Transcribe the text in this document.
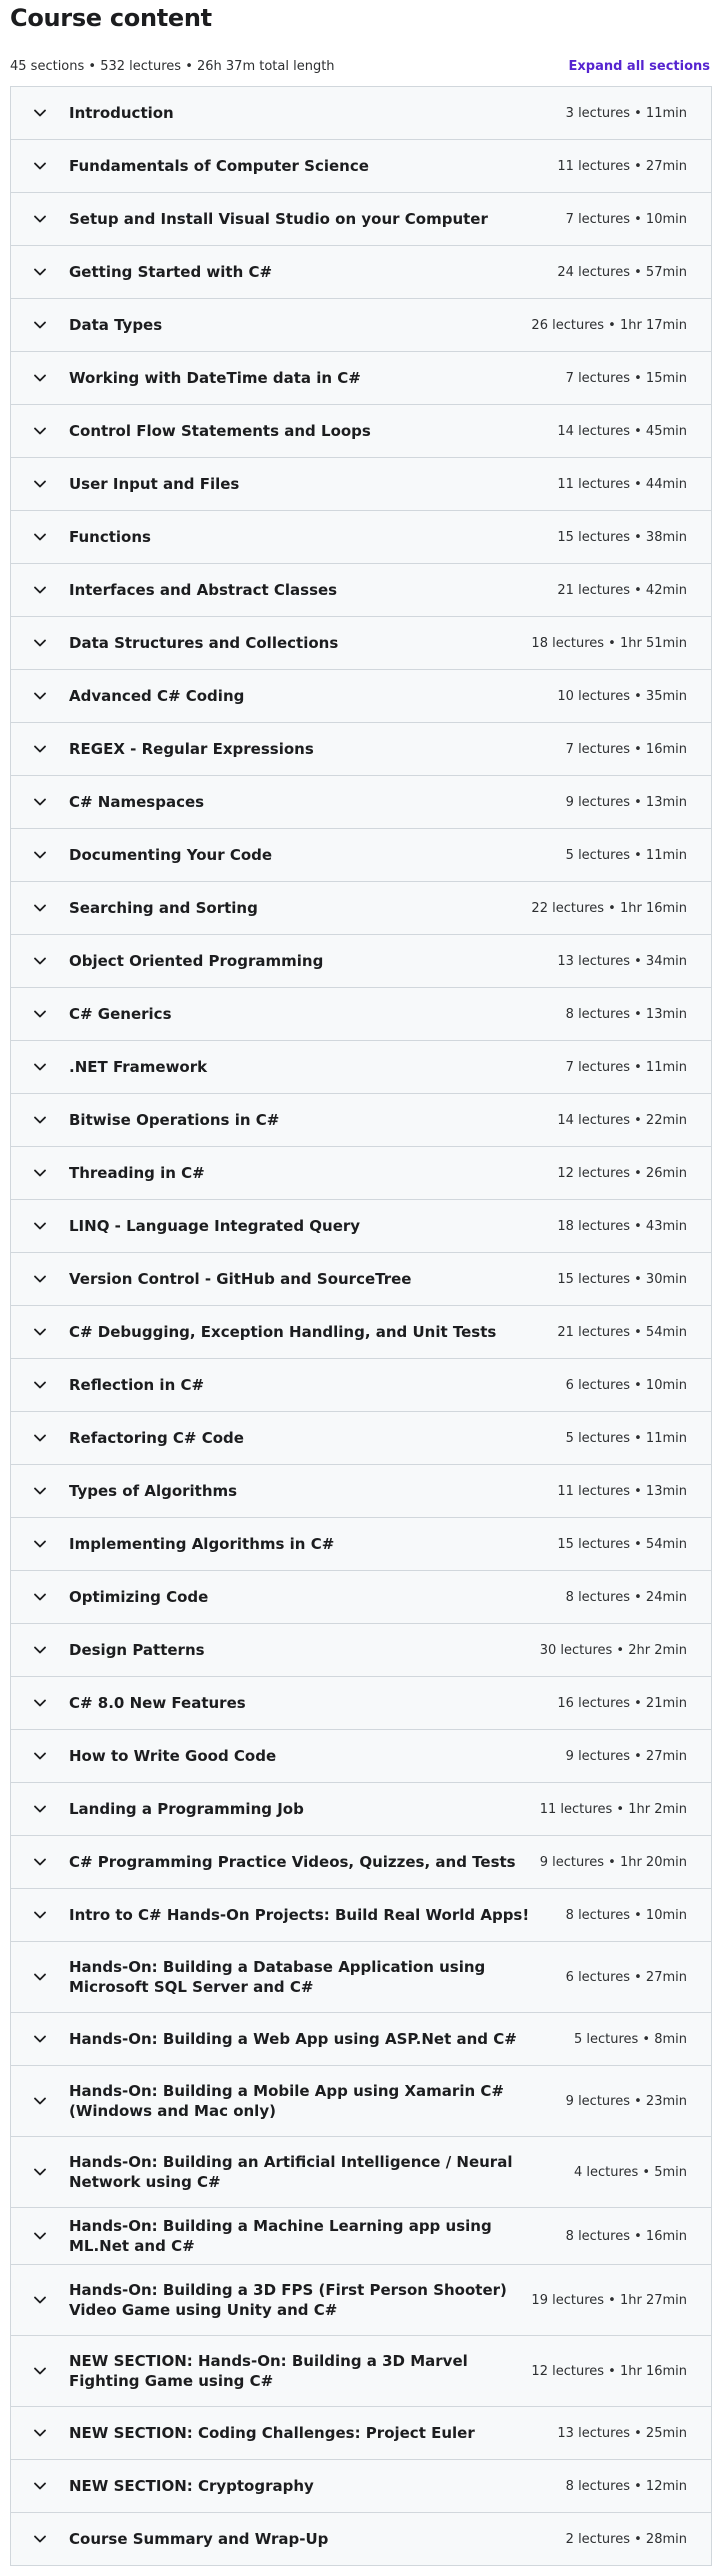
Course content
45 sections • 532 lectures • 26h 37m total length	Expand all sections
Introduction	3 lectures • 11min
Fundamentals of Computer Science	11 lectures • 27min
Setup and Install Visual Studio on your Computer	7 lectures • 10min
Getting Started with C#	24 lectures • 57min
Data Types	26 lectures • 1hr 17min
Working with DateTime data in C#	7 lectures • 15min
Control Flow Statements and Loops	14 lectures • 45min
User Input and Files	11 lectures • 44min
Functions	15 lectures • 38min
Interfaces and Abstract Classes	21 lectures • 42min
Data Structures and Collections	18 lectures • 1hr 51min
Advanced C# Coding	10 lectures • 35min
REGEX - Regular Expressions	7 lectures • 16min
C# Namespaces	9 lectures • 13min
Documenting Your Code	5 lectures • 11min
Searching and Sorting	22 lectures • 1hr 16min
Object Oriented Programming	13 lectures • 34min
C# Generics	8 lectures • 13min
.NET Framework	7 lectures • 11min
Bitwise Operations in C#	14 lectures • 22min
Threading in C#	12 lectures • 26min
LINQ - Language Integrated Query	18 lectures • 43min
Version Control - GitHub and SourceTree	15 lectures • 30min
C# Debugging, Exception Handling, and Unit Tests	21 lectures • 54min
Reflection in C#	6 lectures • 10min
Refactoring C# Code	5 lectures • 11min
Types of Algorithms	11 lectures • 13min
Implementing Algorithms in C#	15 lectures • 54min
Optimizing Code	8 lectures • 24min
Design Patterns	30 lectures • 2hr 2min
C# 8.0 New Features	16 lectures • 21min
How to Write Good Code	9 lectures • 27min
Landing a Programming Job	11 lectures • 1hr 2min
C# Programming Practice Videos, Quizzes, and Tests	9 lectures • 1hr 20min
Intro to C# Hands-On Projects: Build Real World Apps!	8 lectures • 10min
Hands-On: Building a Database Application using Microsoft SQL Server and C#
6 lectures • 27min
Hands-On: Building a Web App using ASP.Net and C#	5 lectures • 8min
Hands-On: Building a Mobile App using Xamarin C# (Windows and Mac only)
9 lectures • 23min
Hands-On: Building an Artificial Intelligence / Neural Network using C#
4 lectures • 5min
Hands-On: Building a Machine Learning app using ML.Net and C#
8 lectures • 16min
Hands-On: Building a 3D FPS (First Person Shooter) Video Game using Unity and C#
19 lectures • 1hr 27min
NEW SECTION: Hands-On: Building a 3D Marvel Fighting Game using C#
12 lectures • 1hr 16min
NEW SECTION: Coding Challenges: Project Euler	13 lectures • 25min
NEW SECTION: Cryptography	8 lectures • 12min
Course Summary and Wrap-Up	2 lectures • 28min
